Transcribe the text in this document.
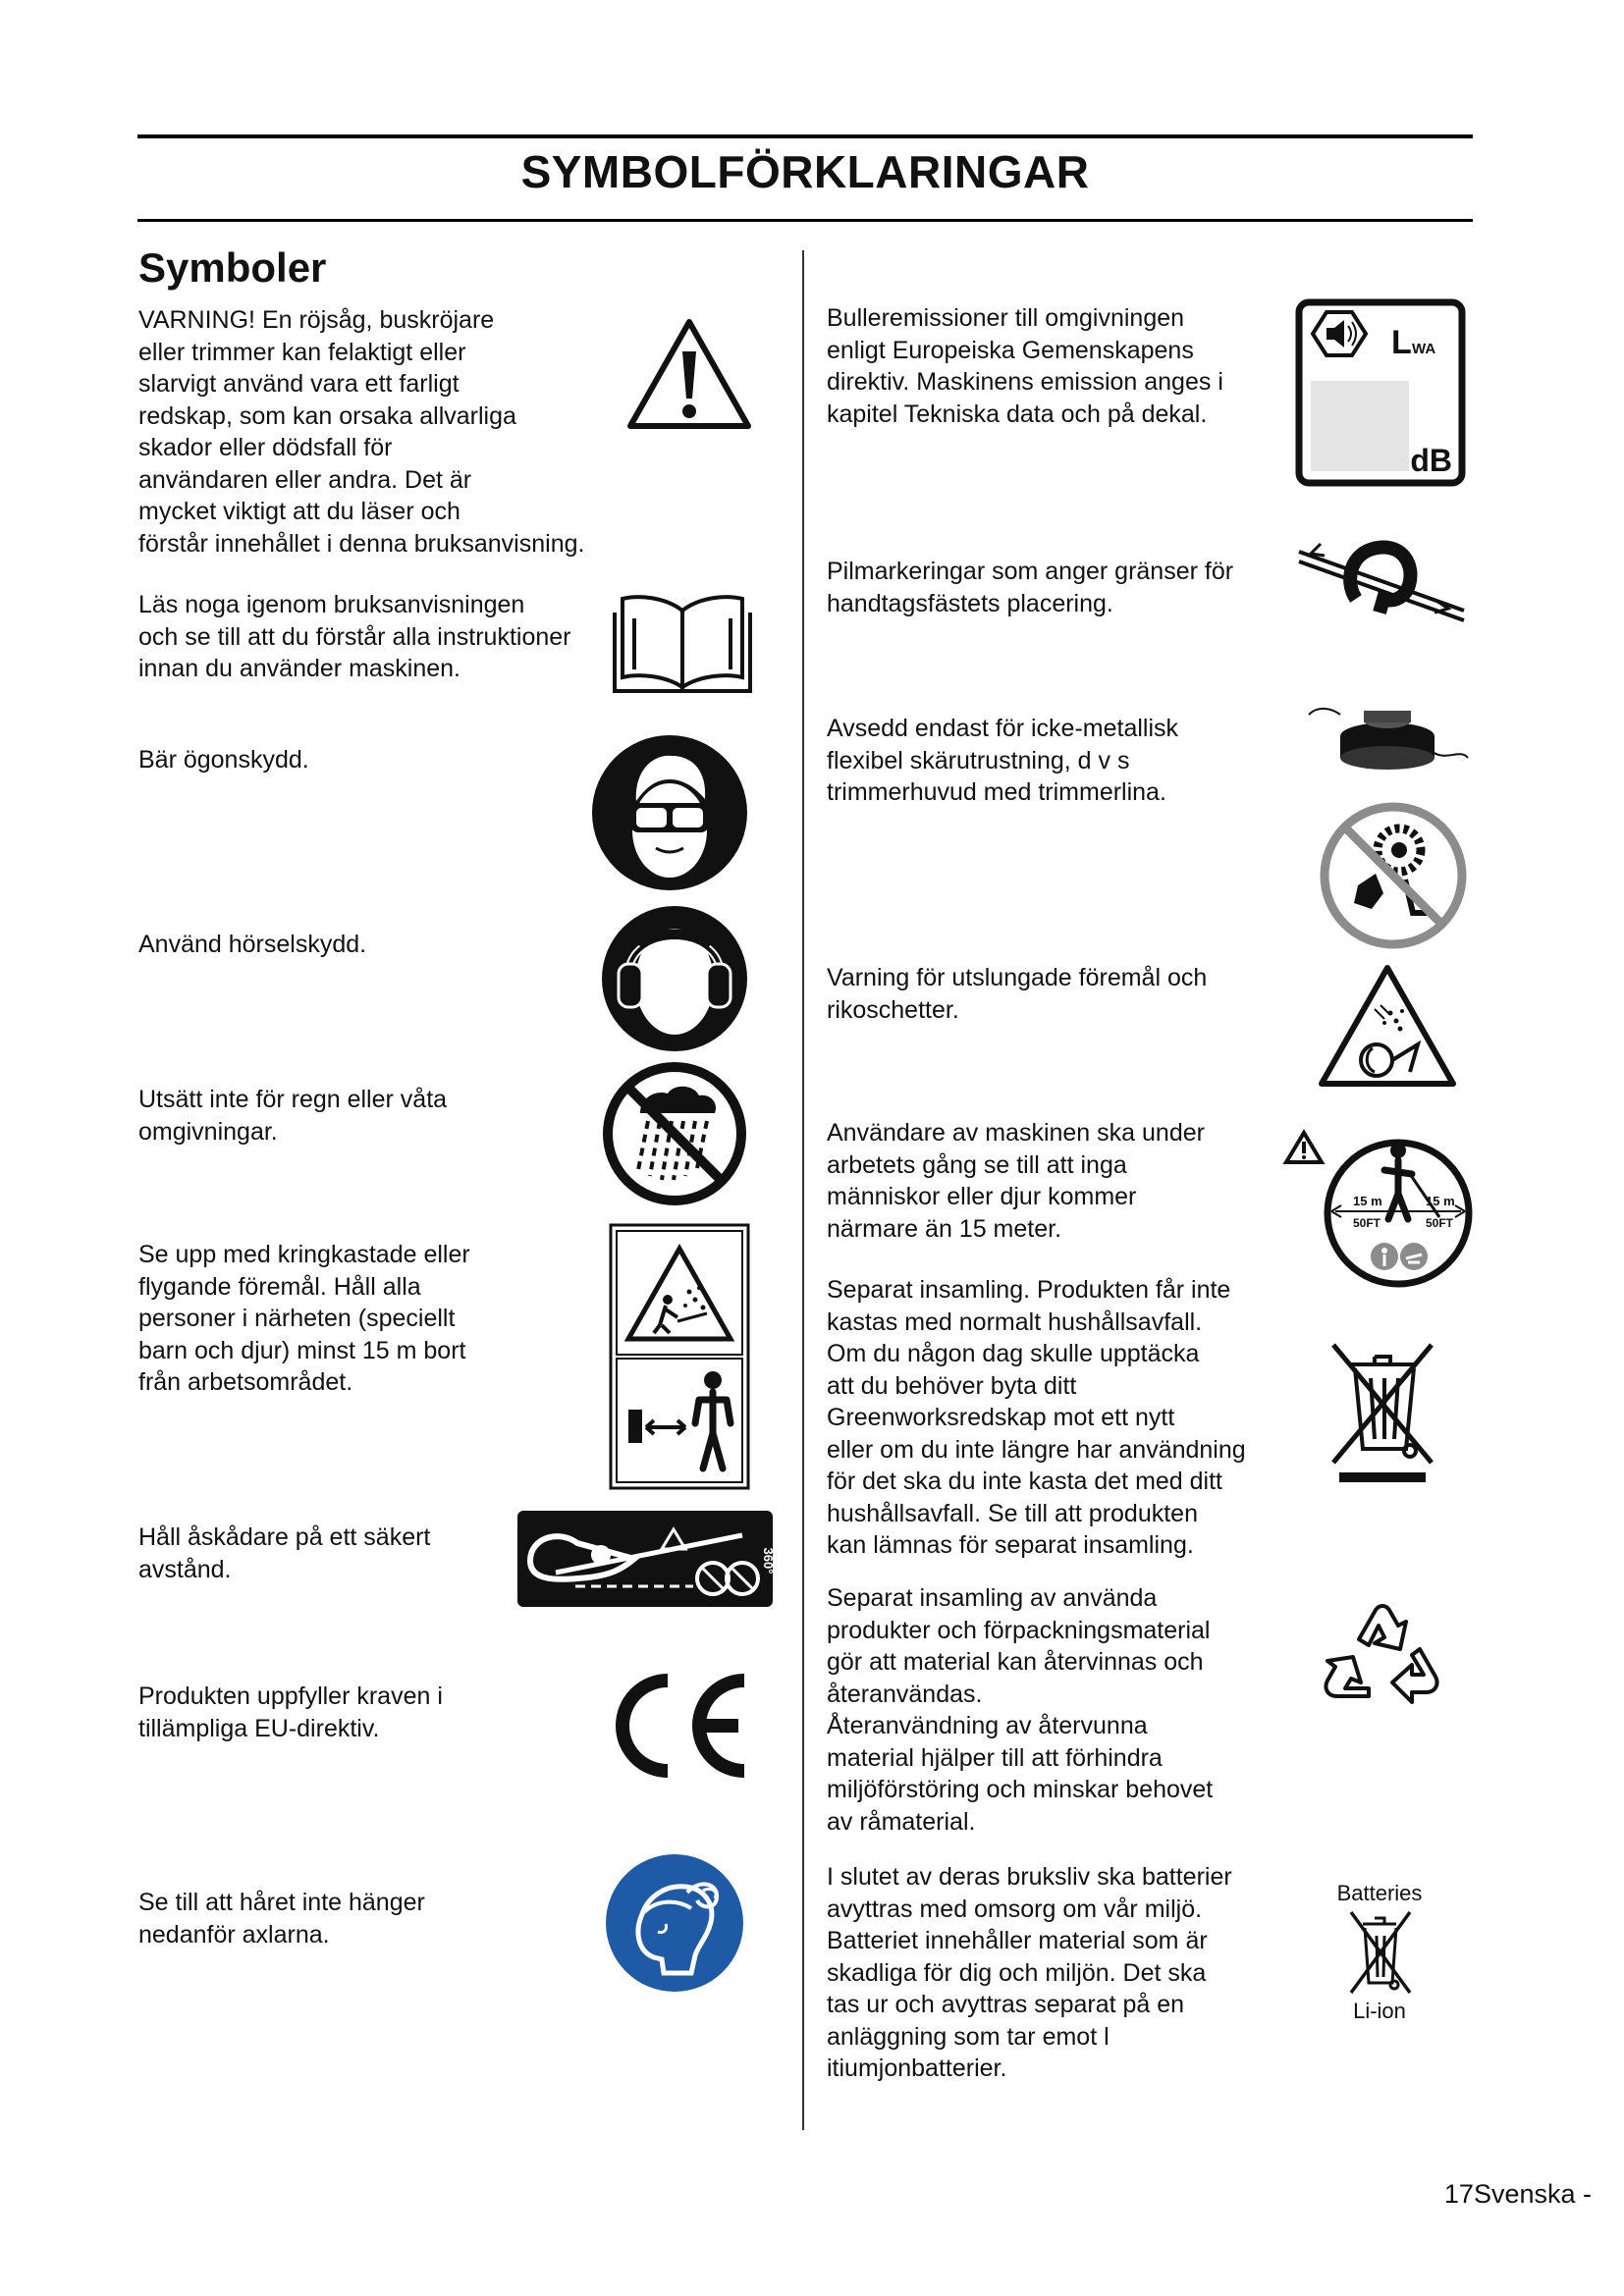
SYMBOLFÖRKLARINGAR
Symboler

VARNING! En röjsåg, buskröjare
eller trimmer kan felaktigt eller
slarvigt använd vara ett farligt
redskap, som kan orsaka allvarliga
skador eller dödsfall för
användaren eller andra. Det är
mycket viktigt att du läser och
förstår innehållet i denna bruksanvisning.

Läs noga igenom bruksanvisningen
och se till att du förstår alla instruktioner
innan du använder maskinen.

Bär ögonskydd.

Använd hörselskydd.

Utsätt inte för regn eller våta
omgivningar.

Se upp med kringkastade eller
flygande föremål. Håll alla
personer i närheten (speciellt
barn och djur) minst 15 m bort
från arbetsområdet.

Håll åskådare på ett säkert
avstånd.	360°

Produkten uppfyller kraven i
tillämpliga EU-direktiv.

Se till att håret inte hänger
nedanför axlarna.

Bulleremissioner till omgivningen
enligt Europeiska Gemenskapens
direktiv. Maskinens emission anges i
kapitel Tekniska data och på dekal.

L WA
dB

Pilmarkeringar som anger gränser för
handtagsfästets placering.

Avsedd endast för icke-metallisk
flexibel skärutrustning, d v s
trimmerhuvud med trimmerlina.

Varning för utslungade föremål och
rikoschetter.

Användare av maskinen ska under
arbetets gång se till att inga
människor eller djur kommer
närmare än 15 meter.

15 m
50FT
15 m
50FT

Separat insamling. Produkten får inte
kastas med normalt hushållsavfall.
Om du någon dag skulle upptäcka
att du behöver byta ditt
Greenworksredskap mot ett nytt
eller om du inte längre har användning
för det ska du inte kasta det med ditt
hushållsavfall. Se till att produkten
kan lämnas för separat insamling.

Separat insamling av använda
produkter och förpackningsmaterial
gör att material kan återvinnas och
återanvändas.
Återanvändning av återvunna
material hjälper till att förhindra
miljöförstöring och minskar behovet
av råmaterial.

I slutet av deras bruksliv ska batterier
avyttras med omsorg om vår miljö.
Batteriet innehåller material som är
skadliga för dig och miljön. Det ska
tas ur och avyttras separat på en
anläggning som tar emot l
itiumjonbatterier.

Batteries
Li-ion
17Svenska -
